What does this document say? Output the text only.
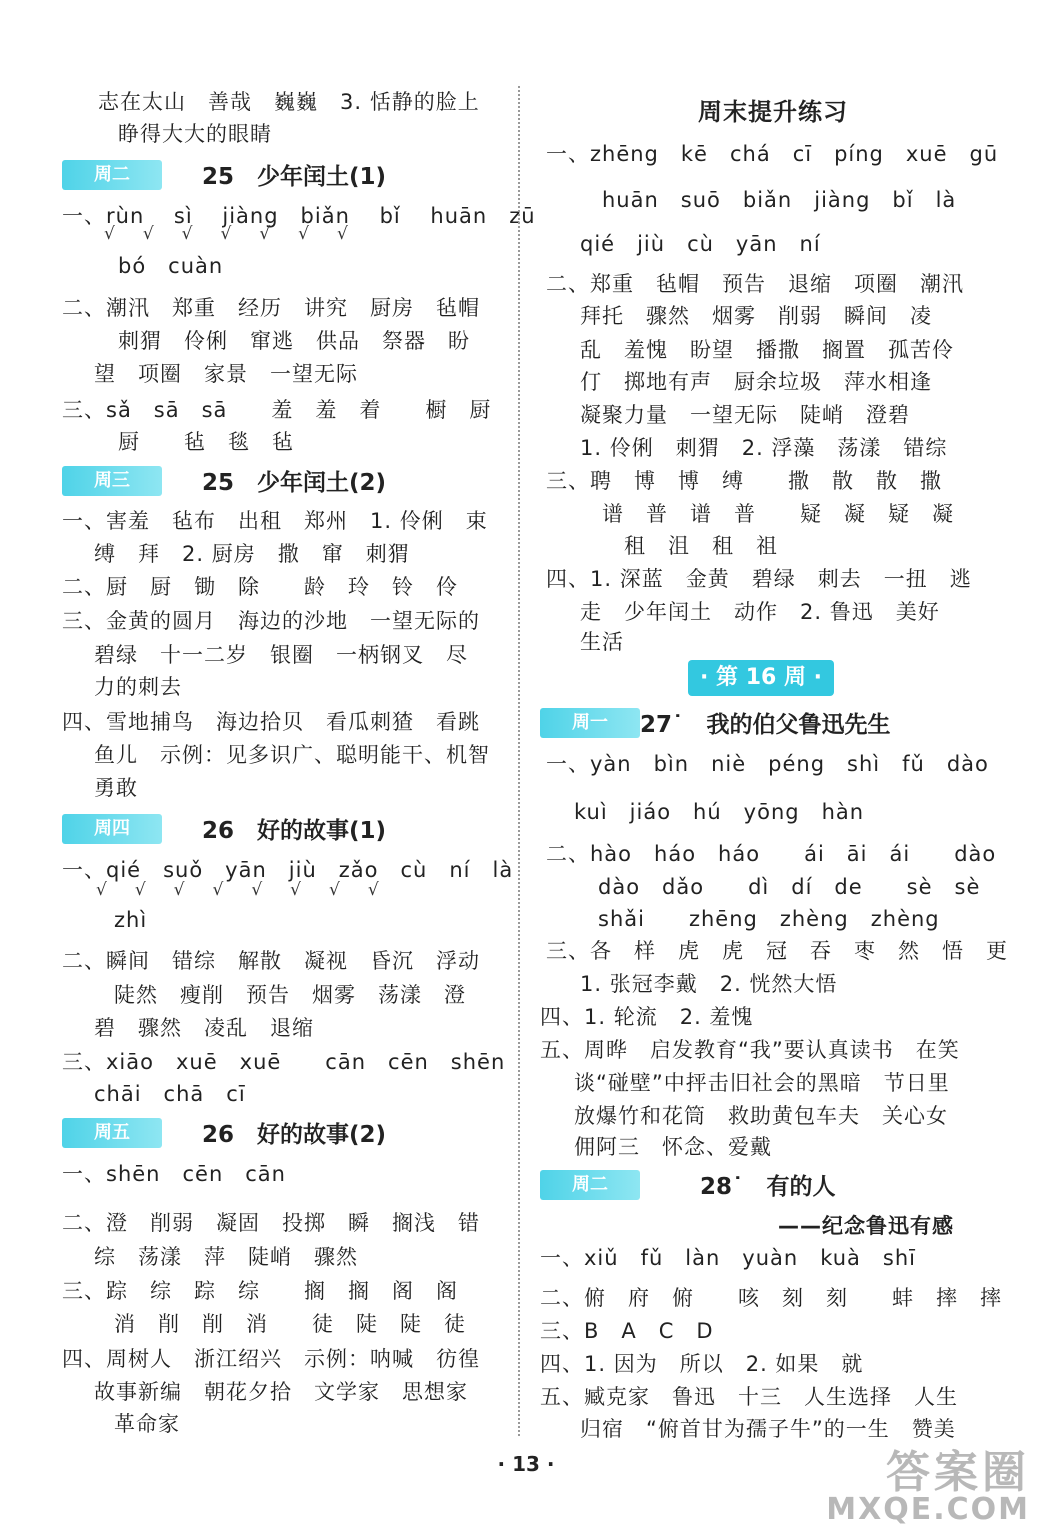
志在太山　善哉　巍巍　3. 恬静的脸上
睁得大大的眼睛
周二	25　少年闰土(1)
一、rùn　 sì　 jiàng　biǎn　 bǐ　 huān　zū
√√√√√√√
bó　cuàn
二、潮汛　郑重　经历　讲究　厨房　毡帽
刺猬　伶俐　窜逃　供品　祭器　盼
望　项圈　家景　一望无际
三、sǎ　sā　sā　　羞　羞　着　　橱　厨
厨　　毡　毯　毡
周三	25　少年闰土(2)
一、害羞　毡布　出租　郑州　1. 伶俐　束
缚　拜　2. 厨房　撒　窜　刺猬
二、厨　厨　锄　除　　龄　玲　铃　伶
三、金黄的圆月　海边的沙地　一望无际的
碧绿　十一二岁　银圈　一柄钢叉　尽
力的刺去
四、雪地捕鸟　海边拾贝　看瓜刺猹　看跳
鱼儿　示例：见多识广、聪明能干、机智
勇敢
周四	26　好的故事(1)
一、qié　suǒ　yān　jiù　zǎo　cù　ní　là
√√√√√√√√
zhì
二、瞬间　错综　解散　凝视　昏沉　浮动
陡然　瘦削　预告　烟雾　荡漾　澄
碧　骤然　凌乱　退缩
三、xiāo　xuē　xuē　　cān　cēn　shēn
chāi　chā　cī
周五	26　好的故事(2)
一、shēn　cēn　cān
二、澄　削弱　凝固　投掷　瞬　搁浅　错
综　荡漾　萍　陡峭　骤然
三、踪　综　踪　综　　搁　搁　阁　阁
消　削　削　消　　徒　陡　陡　徒
四、周树人　浙江绍兴　示例：呐喊　彷徨
故事新编　朝花夕拾　文学家　思想家
革命家
周末提升练习
一、zhēng　kē　chá　cī　píng　xuē　gū
huān　suō　biǎn　jiàng　bǐ　là
qié　jiù　cù　yān　ní
二、郑重　毡帽　预告　退缩　项圈　潮汛
拜托　骤然　烟雾　削弱　瞬间　凌
乱　羞愧　盼望　播撒　搁置　孤苦伶
仃　掷地有声　厨余垃圾　萍水相逢
凝聚力量　一望无际　陡峭　澄碧
1. 伶俐　刺猬　2. 浮藻　荡漾　错综
三、聘　博　博　缚　　撒　散　散　撒
谱　普　谱　普　　疑　凝　疑　凝
租　沮　租　祖
四、1. 深蓝　金黄　碧绿　刺去　一扭　逃
走　少年闰土　动作　2. 鲁迅　美好
生活
· 第 16 周 ·
周一	27˙　我的伯父鲁迅先生
一、yàn　bìn　niè　péng　shì　fǔ　dào
kuì　jiáo　hú　yōng　hàn
二、hào　háo　háo　　ái　āi　ái　　dào
dào　dǎo　　dì　dí　de　　sè　sè
shǎi　　zhēng　zhèng　zhèng
三、各　样　虎　虎　冠　吞　枣　然　悟　更
1. 张冠李戴　2. 恍然大悟
四、1. 轮流　2. 羞愧
五、周晔　启发教育“我”要认真读书　在笑
谈“碰壁”中抨击旧社会的黑暗　节日里
放爆竹和花筒　救助黄包车夫　关心女
佣阿三　怀念、爱戴
周二	28˙　有的人
——纪念鲁迅有感
一、xiǔ　fǔ　làn　yuàn　kuà　shī
二、俯　府　俯　　咳　刻　刻　　蚌　摔　摔
三、B　A　C　D
四、1. 因为　所以　2. 如果　就
五、臧克家　鲁迅　十三　人生选择　人生
归宿　“俯首甘为孺子牛”的一生　赞美
· 13 ·	答案圈
MXQE.COM
